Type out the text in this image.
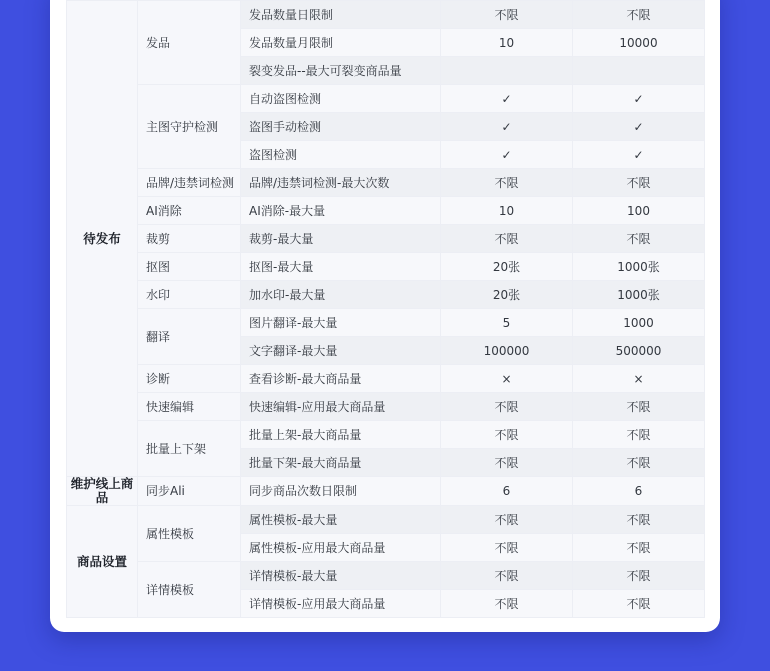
待发布	发品	发品数量日限制	不限	不限
		发品数量月限制	10	10000
		裂变发品--最大可裂变商品量		
	主图守护检测	自动盗图检测	✓	✓
		盗图手动检测	✓	✓
		盗图检测	✓	✓
	品牌/违禁词检测	品牌/违禁词检测-最大次数	不限	不限
	AI消除	AI消除-最大量	10	100
	裁剪	裁剪-最大量	不限	不限
	抠图	抠图-最大量	20张	1000张
	水印	加水印-最大量	20张	1000张
	翻译	图片翻译-最大量	5	1000
		文字翻译-最大量	100000	500000
	诊断	查看诊断-最大商品量	×	×
	快速编辑	快速编辑-应用最大商品量	不限	不限
	批量上下架	批量上架-最大商品量	不限	不限
		批量下架-最大商品量	不限	不限
维护线上商品	同步Ali	同步商品次数日限制	6	6
商品设置	属性模板	属性模板-最大量	不限	不限
		属性模板-应用最大商品量	不限	不限
	详情模板	详情模板-最大量	不限	不限
		详情模板-应用最大商品量	不限	不限
